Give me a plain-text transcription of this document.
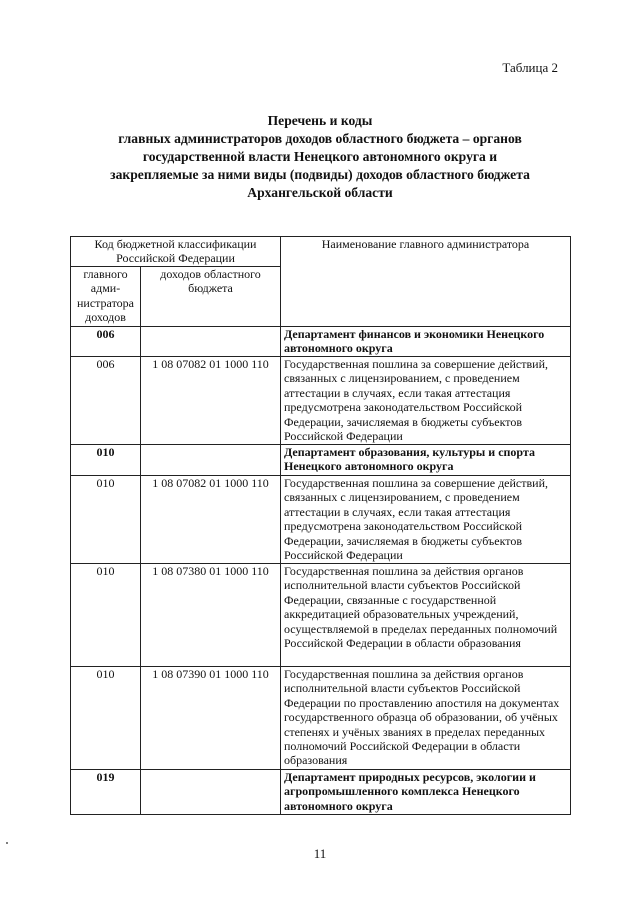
Таблица 2
Перечень и коды
главных администраторов доходов областного бюджета – органов
государственной власти Ненецкого автономного округа и
закрепляемые за ними виды (подвиды) доходов областного бюджета
Архангельской области
Код бюджетной классификации Российской Федерации		Наименование главного администратора
главного адми-нистратора доходов	доходов областного бюджета	
006		Департамент финансов и экономики Ненецкого автономного округа
006	1 08 07082 01 1000 110	Государственная пошлина за совершение действий, связанных с лицензированием, с проведением аттестации в случаях, если такая аттестация предусмотрена законодательством Российской Федерации, зачисляемая в бюджеты субъектов Российской Федерации
010		Департамент образования, культуры и спорта Ненецкого автономного округа
010	1 08 07082 01 1000 110	Государственная пошлина за совершение действий, связанных с лицензированием, с проведением аттестации в случаях, если такая аттестация предусмотрена законодательством Российской Федерации, зачисляемая в бюджеты субъектов Российской Федерации
010	1 08 07380 01 1000 110	Государственная пошлина за действия органов исполнительной власти субъектов Российской Федерации, связанные с государственной аккредитацией образовательных учреждений, осуществляемой в пределах переданных полномочий Российской Федерации в области образования
010	1 08 07390 01 1000 110	Государственная пошлина за действия органов исполнительной власти субъектов Российской Федерации по проставлению апостиля на документах государственного образца об образовании, об учёных степенях и учёных званиях в пределах переданных полномочий Российской Федерации в области образования
019		Департамент природных ресурсов, экологии и агропромышленного комплекса Ненецкого автономного округа
11
